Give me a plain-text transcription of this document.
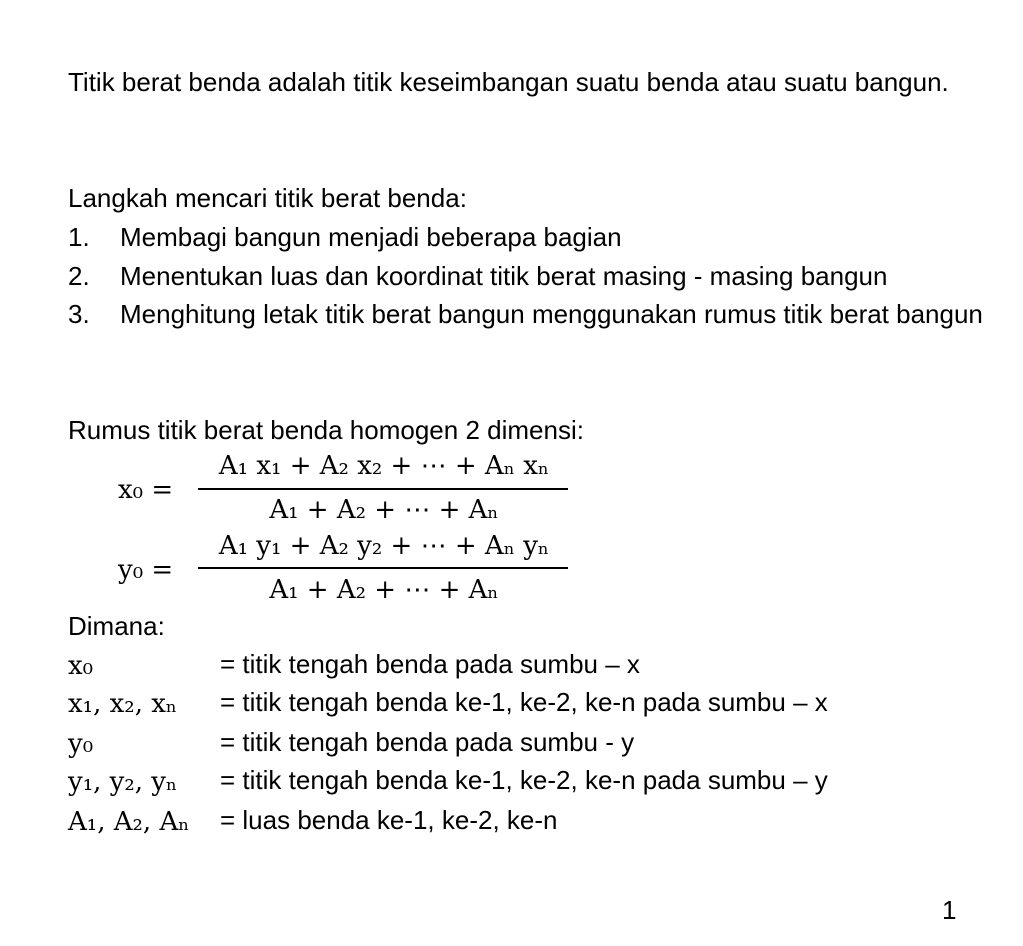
Titik berat benda adalah titik keseimbangan suatu benda atau suatu bangun.
Langkah mencari titik berat benda:
1. Membagi bangun menjadi beberapa bagian
2. Menentukan luas dan koordinat titik berat masing - masing bangun
3. Menghitung letak titik berat bangun menggunakan rumus titik berat bangun
Rumus titik berat benda homogen 2 dimensi:
x₀ =
A₁ x₁ + A₂ x₂ + ⋯ + Aₙ xₙ
A₁ + A₂ + ⋯ + Aₙ
y₀ =
A₁ y₁ + A₂ y₂ + ⋯ + Aₙ yₙ
A₁ + A₂ + ⋯ + Aₙ
Dimana:
x₀	= titik tengah benda pada sumbu – x
x₁, x₂, xₙ = titik tengah benda ke-1, ke-2, ke-n pada sumbu – x
y₀	= titik tengah benda pada sumbu - y
y₁, y₂, yₙ = titik tengah benda ke-1, ke-2, ke-n pada sumbu – y
A₁, A₂, Aₙ = luas benda ke-1, ke-2, ke-n
1
